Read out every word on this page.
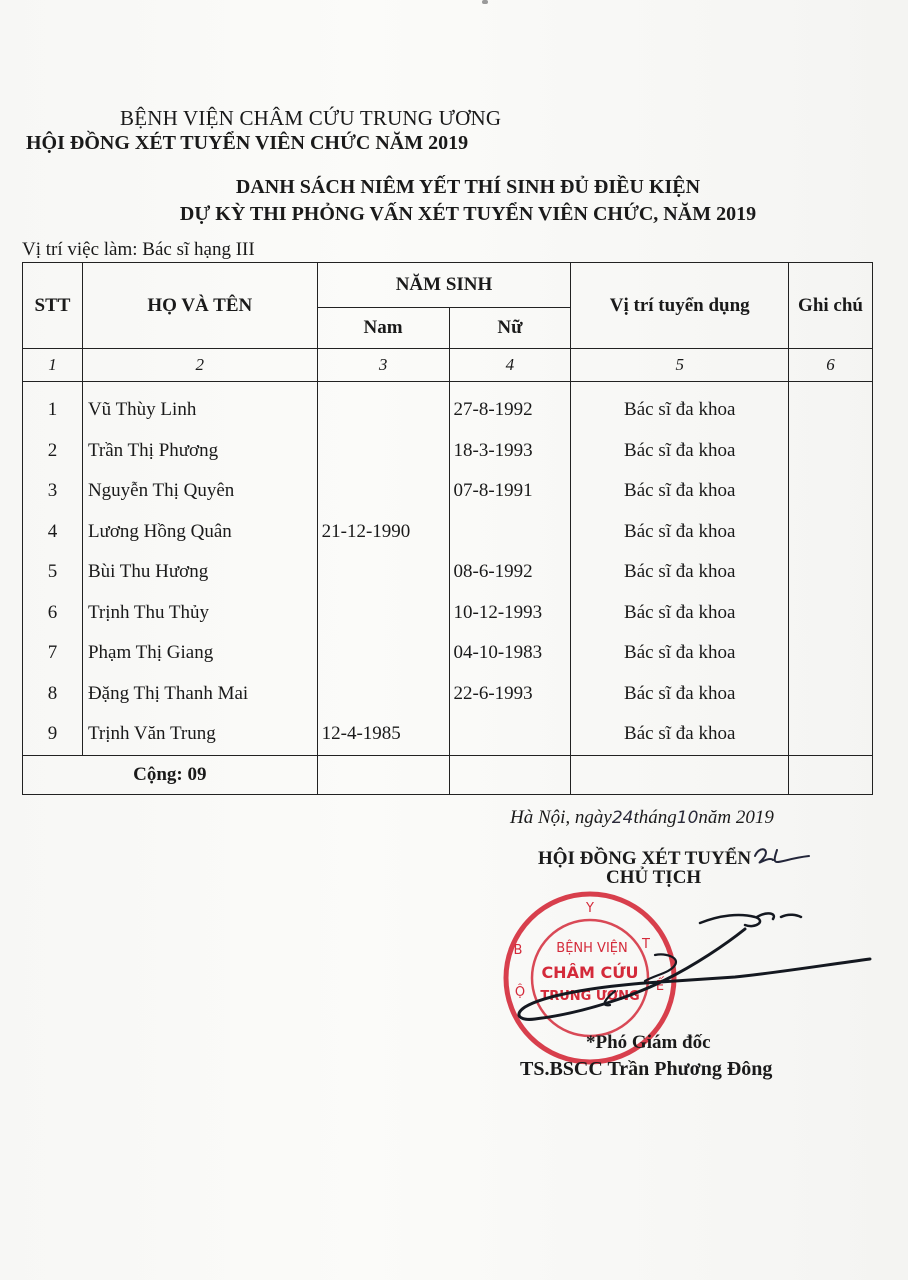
BỆNH VIỆN CHÂM CỨU TRUNG ƯƠNG
HỘI ĐỒNG XÉT TUYỂN VIÊN CHỨC NĂM 2019
DANH SÁCH NIÊM YẾT THÍ SINH ĐỦ ĐIỀU KIỆN
DỰ KỲ THI PHỎNG VẤN XÉT TUYỂN VIÊN CHỨC, NĂM 2019
Vị trí việc làm: Bác sĩ hạng III
STT	HỌ VÀ TÊN	NĂM SINH		Vị trí tuyển dụng	Ghi chú
		Nam	Nữ		
1	2	3	4	5	6
1	Vũ Thùy Linh		27-8-1992	Bác sĩ đa khoa	
2	Trần Thị Phương		18-3-1993	Bác sĩ đa khoa	
3	Nguyễn Thị Quyên		07-8-1991	Bác sĩ đa khoa	
4	Lương Hồng Quân	21-12-1990		Bác sĩ đa khoa	
5	Bùi Thu Hương		08-6-1992	Bác sĩ đa khoa	
6	Trịnh Thu Thủy		10-12-1993	Bác sĩ đa khoa	
7	Phạm Thị Giang		04-10-1983	Bác sĩ đa khoa	
8	Đặng Thị Thanh Mai		22-6-1993	Bác sĩ đa khoa	
9	Trịnh Văn Trung	12-4-1985		Bác sĩ đa khoa	
Cộng: 09					
Hà Nội, ngày24tháng10năm 2019
HỘI ĐỒNG XÉT TUYỂN
CHỦ TỊCH
Y
T
Ế
B
Ộ
BỆNH VIỆN
CHÂM CỨU
TRUNG ƯƠNG
*Phó Giám đốc
TS.BSCC Trần Phương Đông
